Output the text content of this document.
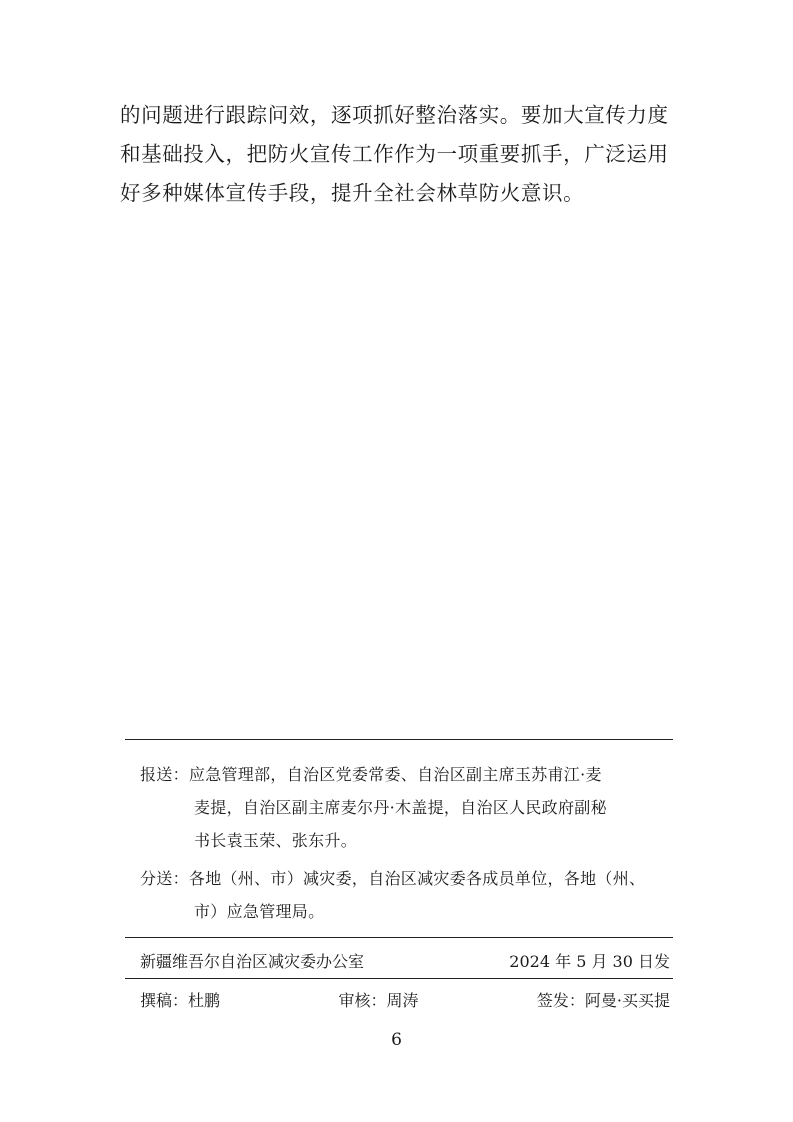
的问题进行跟踪问效，逐项抓好整治落实。要加大宣传力度

和基础投入，把防火宣传工作作为一项重要抓手，广泛运用

好多种媒体宣传手段，提升全社会林草防火意识。

报送：应急管理部，自治区党委常委、自治区副主席玉苏甫江·麦
麦提，自治区副主席麦尔丹·木盖提，自治区人民政府副秘
书长袁玉荣、张东升。
分送：各地（州、市）减灾委，自治区减灾委各成员单位，各地（州、
市）应急管理局。
新疆维吾尔自治区减灾委办公室	2024 年 5 月 30 日发
撰稿：杜鹏	审核：周涛	签发：阿曼·买买提
6
